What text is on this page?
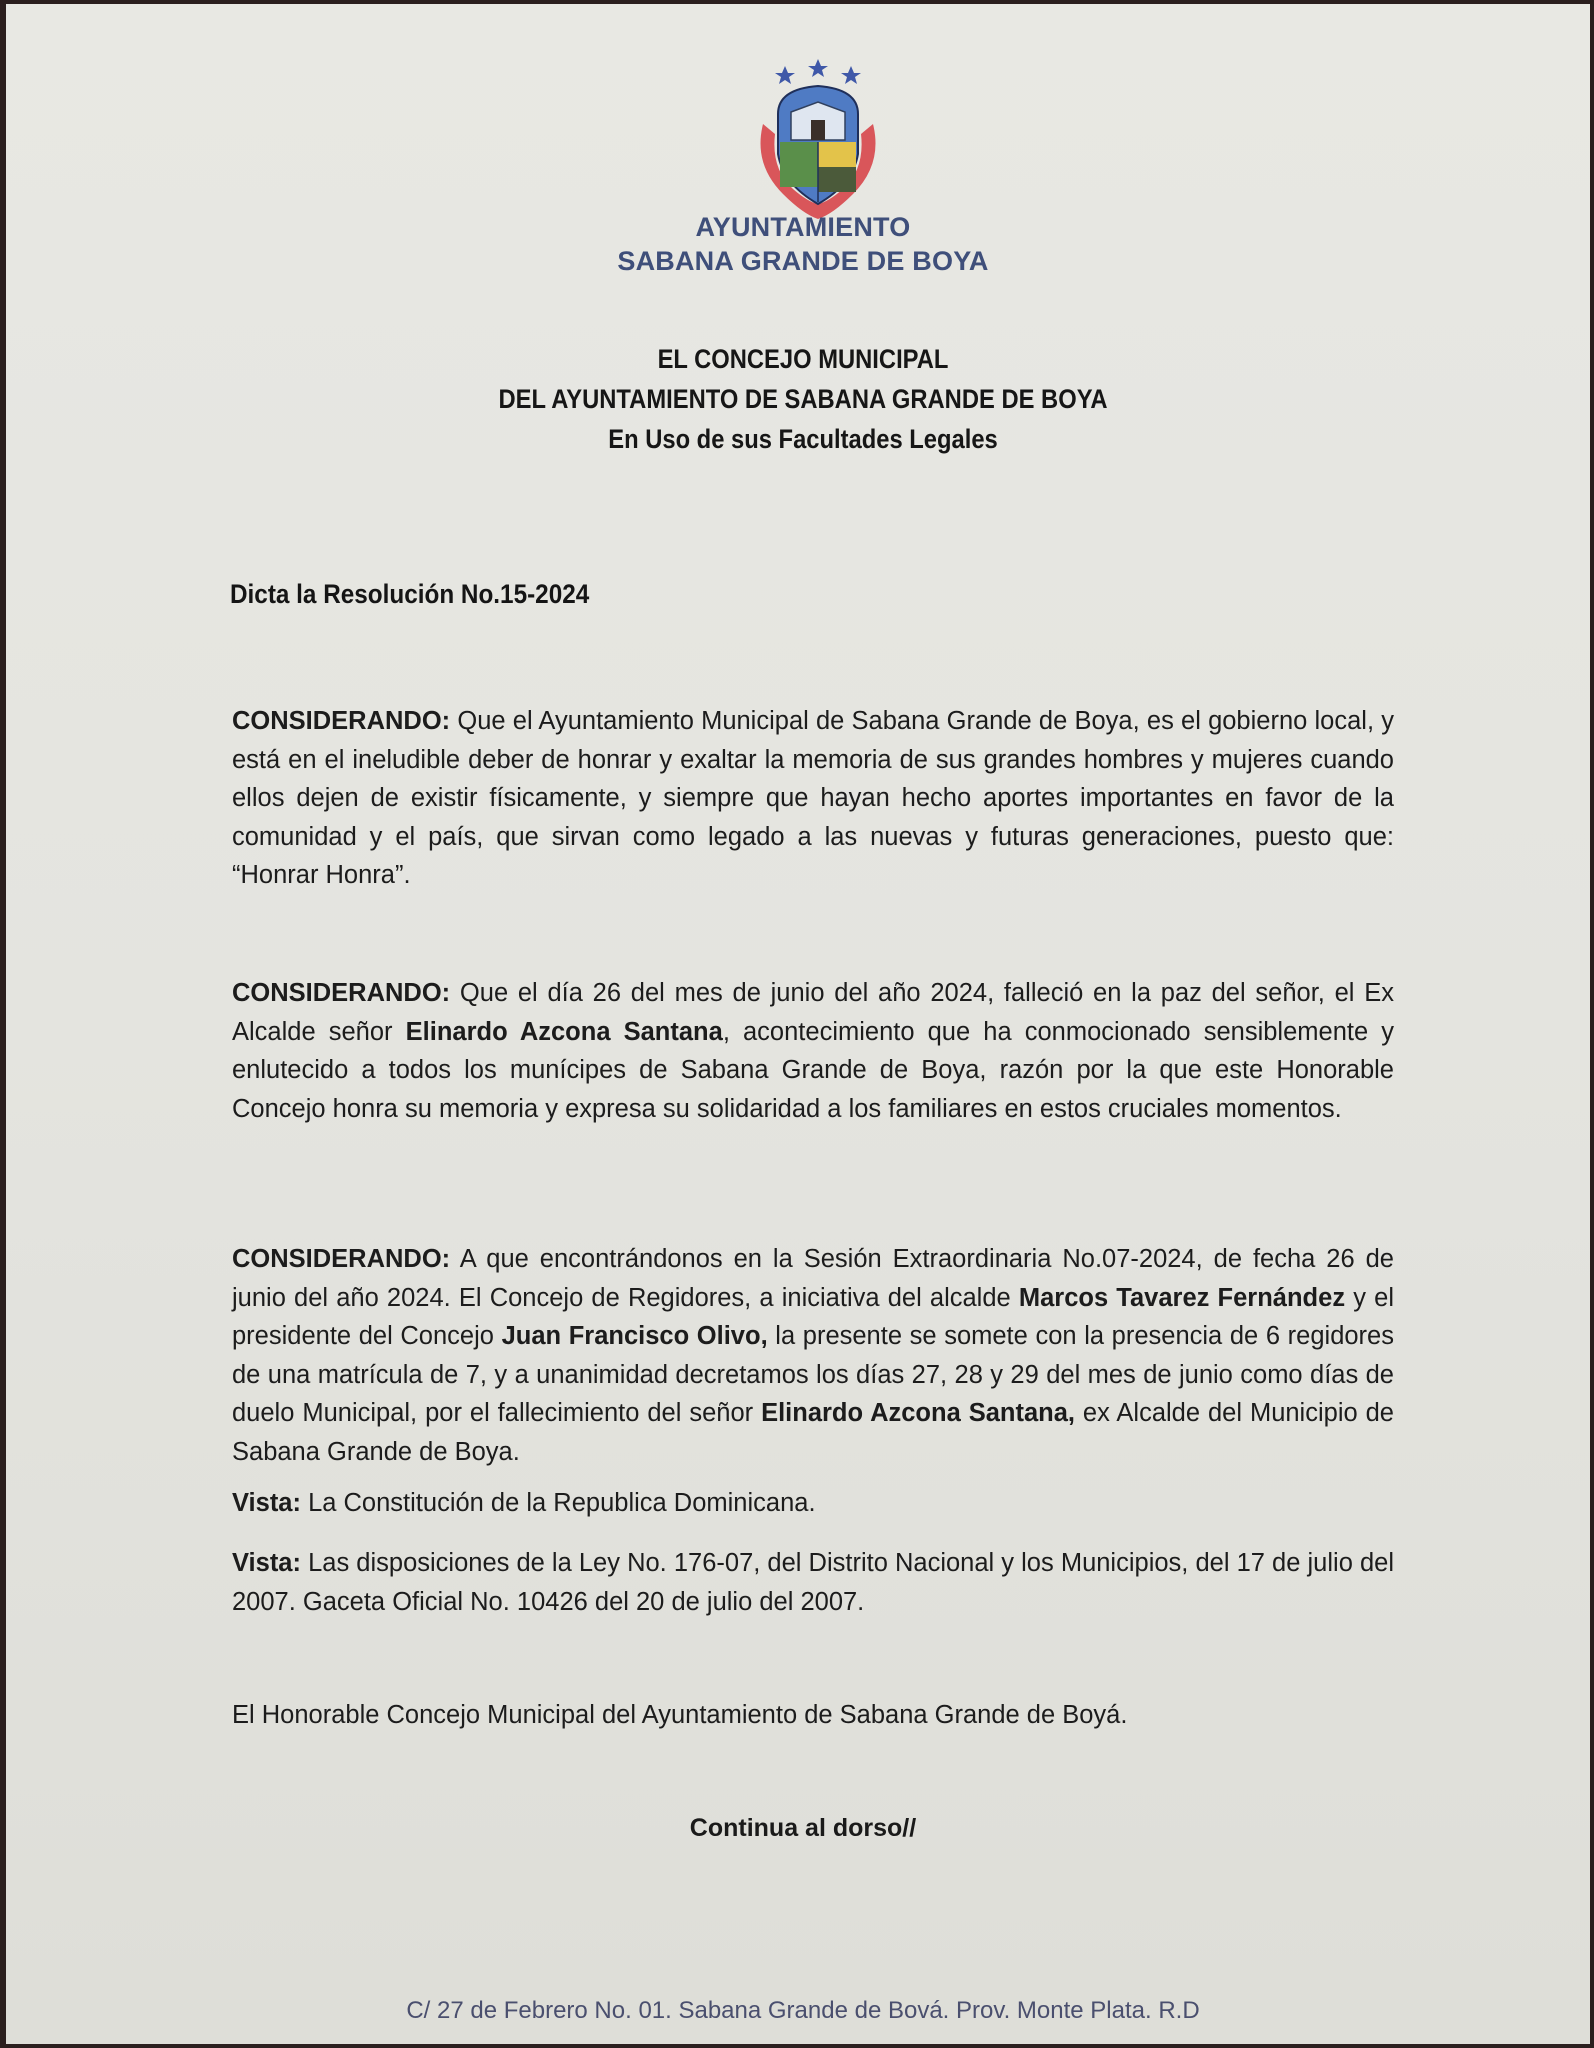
AYUNTAMIENTO
SABANA GRANDE DE BOYA
EL CONCEJO MUNICIPAL
DEL AYUNTAMIENTO DE SABANA GRANDE DE BOYA
En Uso de sus Facultades Legales
Dicta la Resolución No.15-2024
CONSIDERANDO: Que el Ayuntamiento Municipal de Sabana Grande de Boya, es el gobierno local, y está en el ineludible deber de honrar y exaltar la memoria de sus grandes hombres y mujeres cuando ellos dejen de existir físicamente, y siempre que hayan hecho aportes importantes en favor de la comunidad y el país, que sirvan como legado a las nuevas y futuras generaciones, puesto que: “Honrar Honra”.
CONSIDERANDO: Que el día 26 del mes de junio del año 2024, falleció en la paz del señor, el Ex Alcalde señor Elinardo Azcona Santana, acontecimiento que ha conmocionado sensiblemente y enlutecido a todos los munícipes de Sabana Grande de Boya, razón por la que este Honorable Concejo honra su memoria y expresa su solidaridad a los familiares en estos cruciales momentos.
CONSIDERANDO: A que encontrándonos en la Sesión Extraordinaria No.07-2024, de fecha 26 de junio del año 2024. El Concejo de Regidores, a iniciativa del alcalde Marcos Tavarez Fernández y el presidente del Concejo Juan Francisco Olivo, la presente se somete con la presencia de 6 regidores de una matrícula de 7, y a unanimidad decretamos los días 27, 28 y 29 del mes de junio como días de duelo Municipal, por el fallecimiento del señor Elinardo Azcona Santana, ex Alcalde del Municipio de Sabana Grande de Boya.
Vista: La Constitución de la Republica Dominicana.
Vista: Las disposiciones de la Ley No. 176-07, del Distrito Nacional y los Municipios, del 17 de julio del 2007. Gaceta Oficial No. 10426 del 20 de julio del 2007.
El Honorable Concejo Municipal del Ayuntamiento de Sabana Grande de Boyá.
Continua al dorso//
C/ 27 de Febrero No. 01. Sabana Grande de Bová. Prov. Monte Plata. R.D
